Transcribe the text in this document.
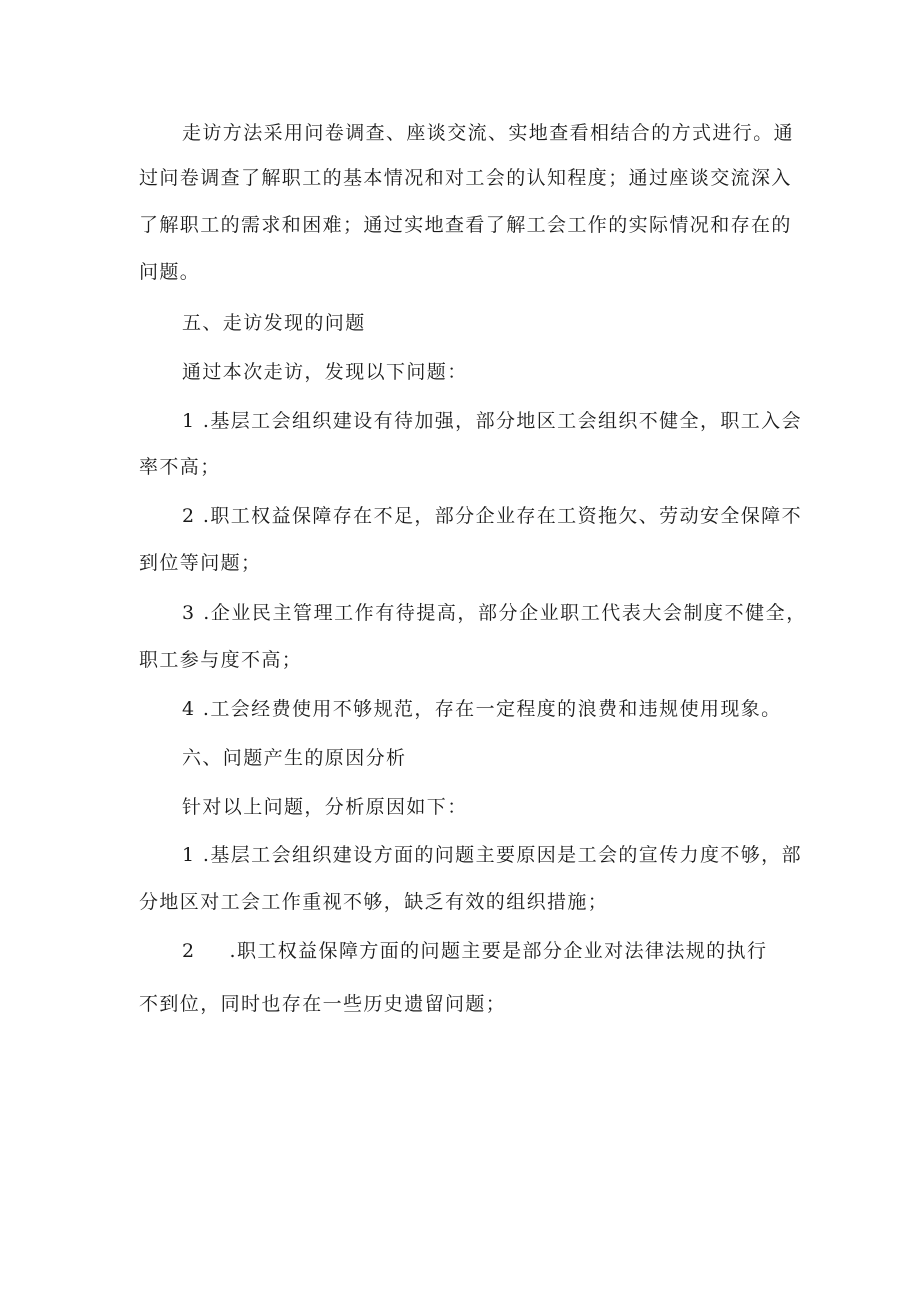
走访方法采用问卷调查、座谈交流、实地查看相结合的方式进行。通
过问卷调查了解职工的基本情况和对工会的认知程度；通过座谈交流深入
了解职工的需求和困难；通过实地查看了解工会工作的实际情况和存在的
问题。
五、走访发现的问题
通过本次走访，发现以下问题：
1 .基层工会组织建设有待加强，部分地区工会组织不健全，职工入会
率不高；
2 .职工权益保障存在不足，部分企业存在工资拖欠、劳动安全保障不
到位等问题；
3 .企业民主管理工作有待提高，部分企业职工代表大会制度不健全，
职工参与度不高；
4 .工会经费使用不够规范，存在一定程度的浪费和违规使用现象。
六、问题产生的原因分析
针对以上问题，分析原因如下：
1 .基层工会组织建设方面的问题主要原因是工会的宣传力度不够，部
分地区对工会工作重视不够，缺乏有效的组织措施；
2 .职工权益保障方面的问题主要是部分企业对法律法规的执行
不到位，同时也存在一些历史遗留问题；
